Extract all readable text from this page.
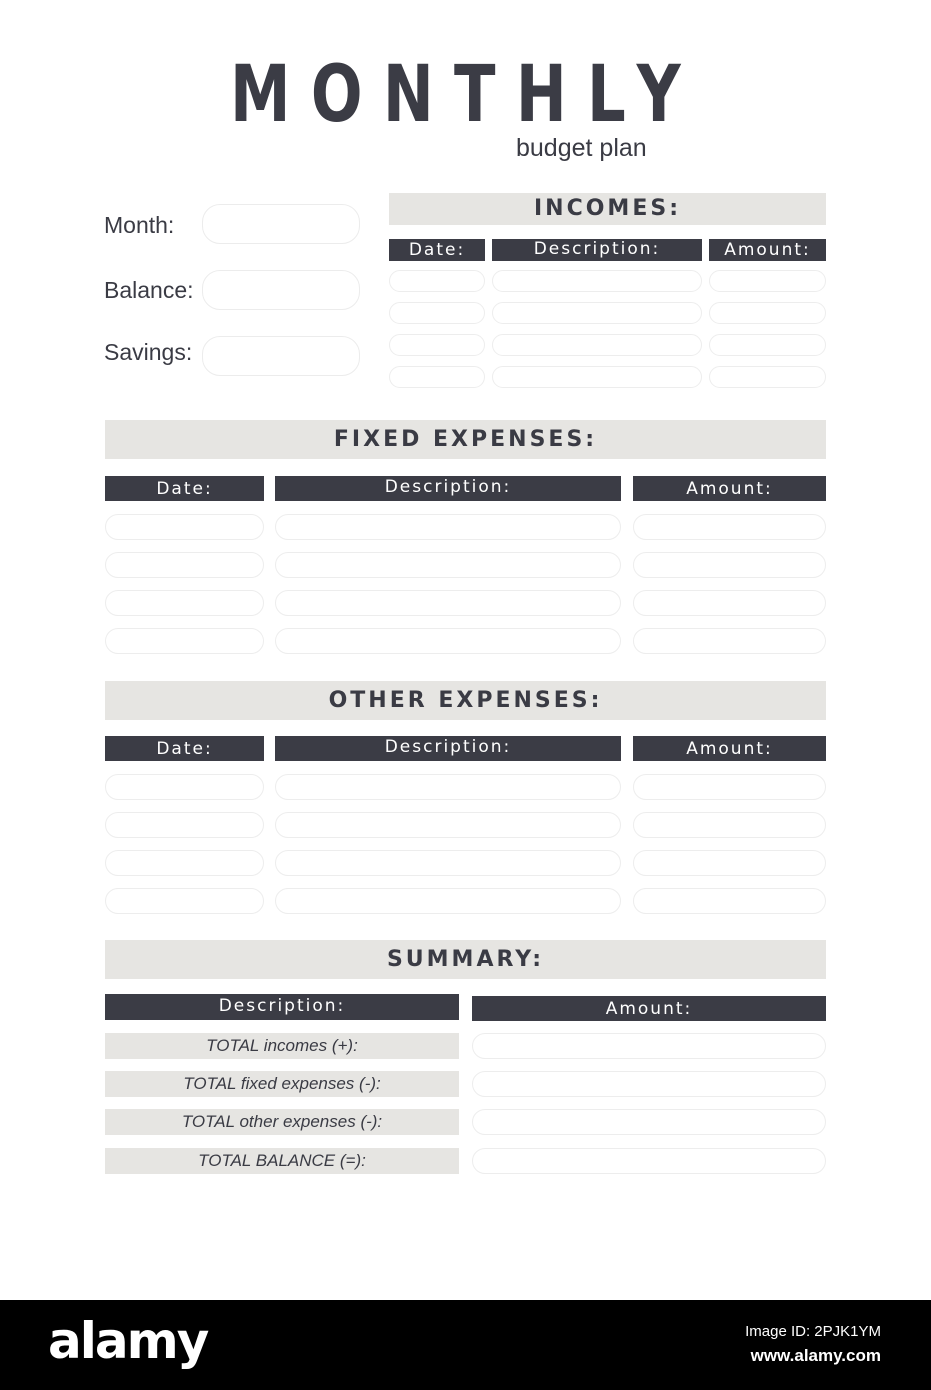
MONTHLY
budget plan
Month:
Balance:
Savings:
INCOMES:
Date:	Description:	Amount:
FIXED EXPENSES:
Date:	Description:	Amount:
OTHER EXPENSES:
Date:	Description:	Amount:
SUMMARY:
Description:	Amount:
TOTAL incomes (+):
TOTAL fixed expenses (-):
TOTAL other expenses (-):
TOTAL BALANCE (=):
alamy	Image ID: 2PJK1YM
www.alamy.com
